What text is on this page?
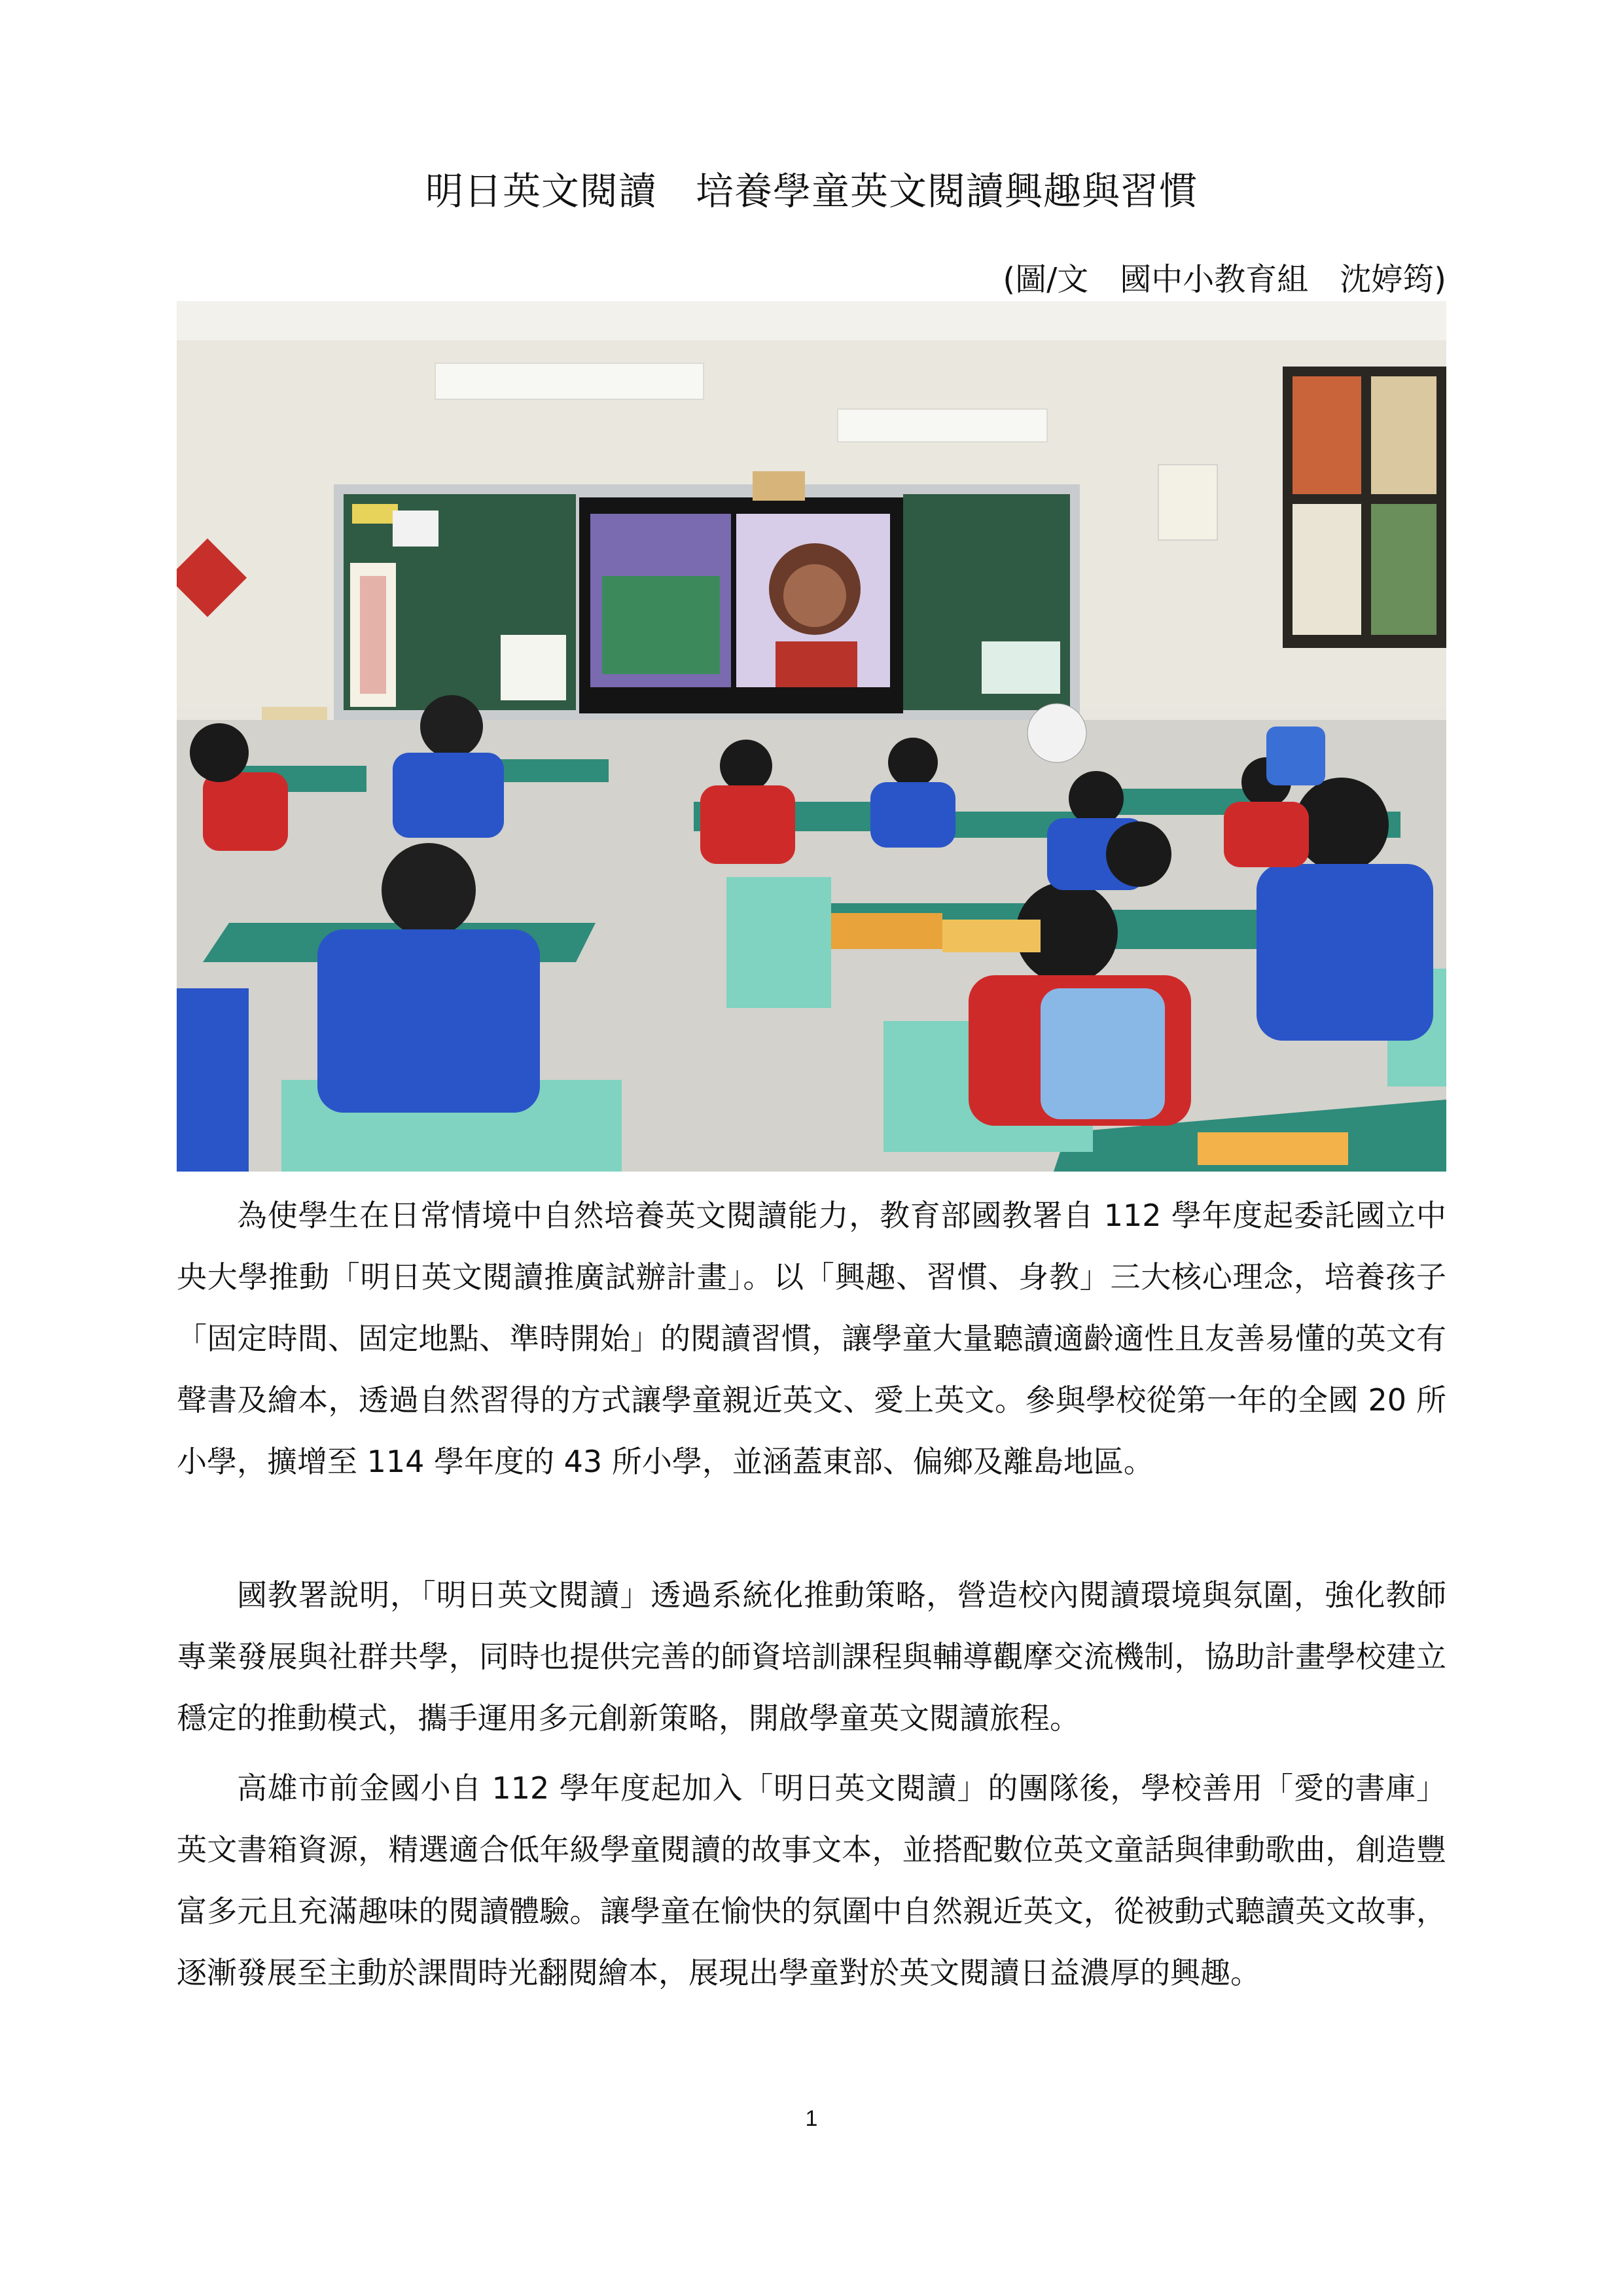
明日英文閱讀　培養學童英文閱讀興趣與習慣
(圖/文　國中小教育組　沈婷筠)

為使學生在日常情境中自然培養英文閱讀能力，教育部國教署自 112 學年度起委託國立中央大學推動「明日英文閱讀推廣試辦計畫」。以「興趣、習慣、身教」三大核心理念，培養孩子「固定時間、固定地點、準時開始」的閱讀習慣，讓學童大量聽讀適齡適性且友善易懂的英文有聲書及繪本，透過自然習得的方式讓學童親近英文、愛上英文。參與學校從第一年的全國 20 所小學，擴增至 114 學年度的 43 所小學，並涵蓋東部、偏鄉及離島地區。

國教署說明，「明日英文閱讀」透過系統化推動策略，營造校內閱讀環境與氛圍，強化教師專業發展與社群共學，同時也提供完善的師資培訓課程與輔導觀摩交流機制，協助計畫學校建立穩定的推動模式，攜手運用多元創新策略，開啟學童英文閱讀旅程。

高雄市前金國小自 112 學年度起加入「明日英文閱讀」的團隊後，學校善用「愛的書庫」英文書箱資源，精選適合低年級學童閱讀的故事文本，並搭配數位英文童話與律動歌曲，創造豐富多元且充滿趣味的閱讀體驗。讓學童在愉快的氛圍中自然親近英文，從被動式聽讀英文故事，逐漸發展至主動於課間時光翻閱繪本，展現出學童對於英文閱讀日益濃厚的興趣。

1
